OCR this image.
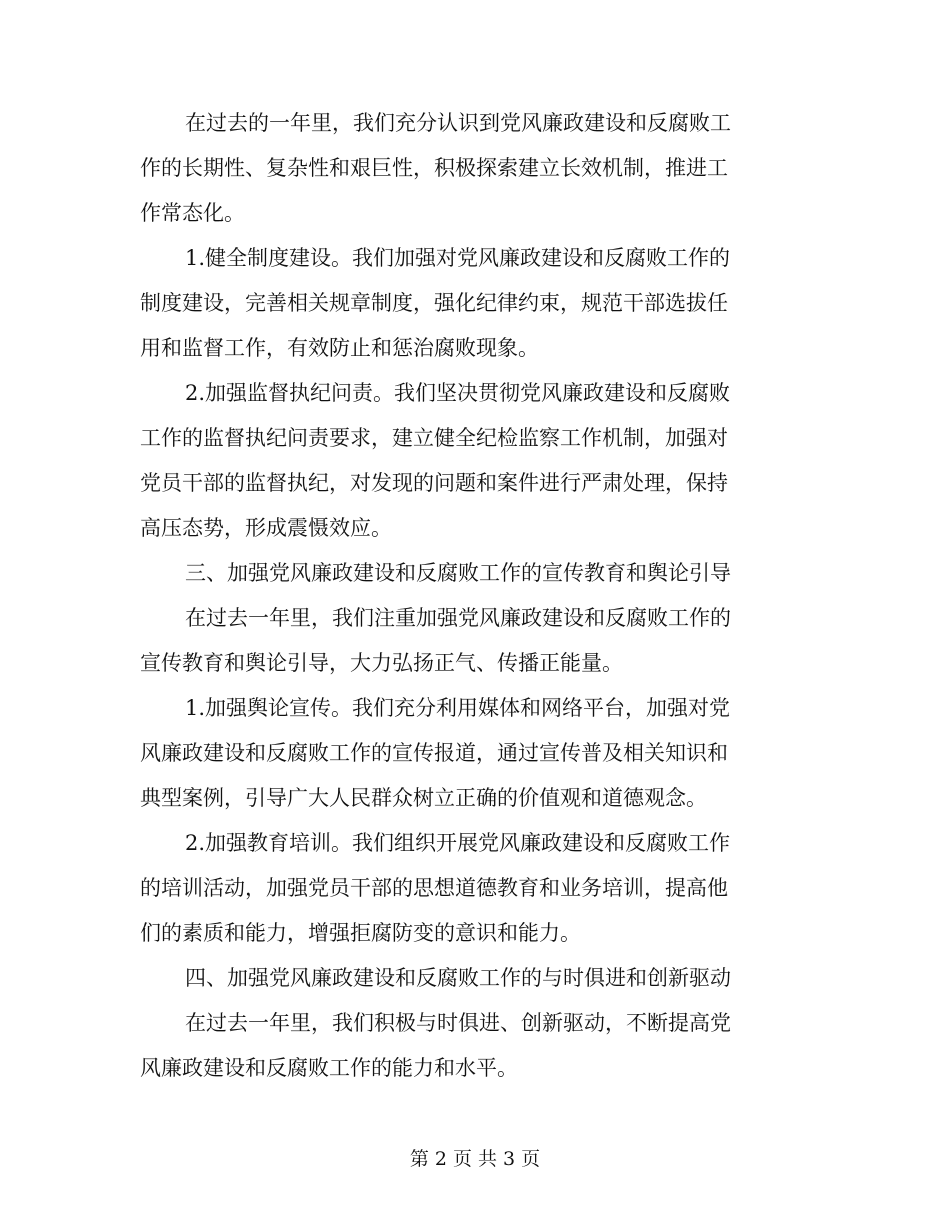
在过去的一年里，我们充分认识到党风廉政建设和反腐败工
作的长期性、复杂性和艰巨性，积极探索建立长效机制，推进工
作常态化。
1.健全制度建设。我们加强对党风廉政建设和反腐败工作的
制度建设，完善相关规章制度，强化纪律约束，规范干部选拔任
用和监督工作，有效防止和惩治腐败现象。
2.加强监督执纪问责。我们坚决贯彻党风廉政建设和反腐败
工作的监督执纪问责要求，建立健全纪检监察工作机制，加强对
党员干部的监督执纪，对发现的问题和案件进行严肃处理，保持
高压态势，形成震慑效应。
三、加强党风廉政建设和反腐败工作的宣传教育和舆论引导
在过去一年里，我们注重加强党风廉政建设和反腐败工作的
宣传教育和舆论引导，大力弘扬正气、传播正能量。
1.加强舆论宣传。我们充分利用媒体和网络平台，加强对党
风廉政建设和反腐败工作的宣传报道，通过宣传普及相关知识和
典型案例，引导广大人民群众树立正确的价值观和道德观念。
2.加强教育培训。我们组织开展党风廉政建设和反腐败工作
的培训活动，加强党员干部的思想道德教育和业务培训，提高他
们的素质和能力，增强拒腐防变的意识和能力。
四、加强党风廉政建设和反腐败工作的与时俱进和创新驱动
在过去一年里，我们积极与时俱进、创新驱动，不断提高党
风廉政建设和反腐败工作的能力和水平。
第 2 页 共 3 页
